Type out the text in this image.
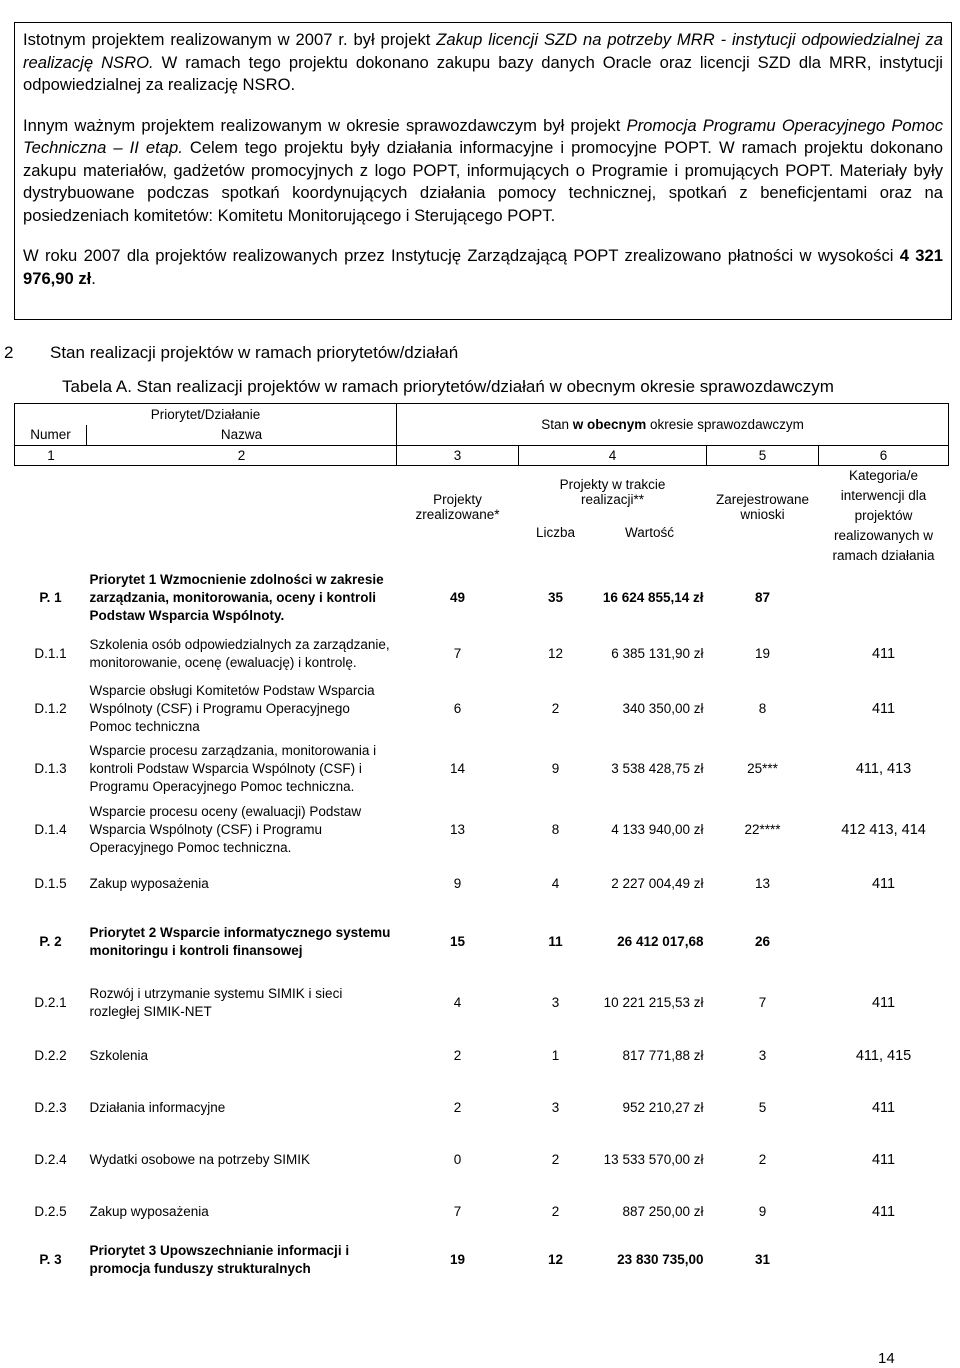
Istotnym projektem realizowanym w 2007 r. był projekt Zakup licencji SZD na potrzeby MRR - instytucji odpowiedzialnej za realizację NSRO. W ramach tego projektu dokonano zakupu bazy danych Oracle oraz licencji SZD dla MRR, instytucji odpowiedzialnej za realizację NSRO.

Innym ważnym projektem realizowanym w okresie sprawozdawczym był projekt Promocja Programu Operacyjnego Pomoc Techniczna – II etap. Celem tego projektu były działania informacyjne i promocyjne POPT. W ramach projektu dokonano zakupu materiałów, gadżetów promocyjnych z logo POPT, informujących o Programie i promujących POPT. Materiały były dystrybuowane podczas spotkań koordynujących działania pomocy technicznej, spotkań z beneficjentami oraz na posiedzeniach komitetów: Komitetu Monitorującego i Sterującego POPT.

W roku 2007 dla projektów realizowanych przez Instytucję Zarządzającą POPT zrealizowano płatności w wysokości 4 321 976,90 zł.

2 Stan realizacji projektów w ramach priorytetów/działań
Tabela A. Stan realizacji projektów w ramach priorytetów/działań w obecnym okresie sprawozdawczym
Priorytet/Działanie		Stan w obecnym okresie sprawozdawczym				
Numer	Nazwa					

1 2		3	4		5	6
		Projekty zrealizowane*	Projekty w trakcie realizacji**		Zarejestrowane wnioski	Kategoria/e interwencji dla projektów realizowanych w ramach działania
			Liczba	Wartość		

P. 1	Priorytet 1 Wzmocnienie zdolności w zakresie zarządzania, monitorowania, oceny i kontroli Podstaw Wsparcia Wspólnoty.	49	35	16 624 855,14 zł	87	
D.1.1	Szkolenia osób odpowiedzialnych za zarządzanie, monitorowanie, ocenę (ewaluację) i kontrolę.	7	12	6 385 131,90 zł	19	411
D.1.2	Wsparcie obsługi Komitetów Podstaw Wsparcia Wspólnoty (CSF) i Programu Operacyjnego Pomoc techniczna	6	2	340 350,00 zł	8	411
D.1.3	Wsparcie procesu zarządzania, monitorowania i kontroli Podstaw Wsparcia Wspólnoty (CSF) i Programu Operacyjnego Pomoc techniczna.	14	9	3 538 428,75 zł	25***	411, 413
D.1.4	Wsparcie procesu oceny (ewaluacji) Podstaw Wsparcia Wspólnoty (CSF) i Programu Operacyjnego Pomoc techniczna.	13	8	4 133 940,00 zł	22****	412 413, 414
D.1.5	Zakup wyposażenia	9	4	2 227 004,49 zł	13	411
P. 2	Priorytet 2 Wsparcie informatycznego systemu monitoringu i kontroli finansowej	15	11	26 412 017,68	26	
D.2.1	Rozwój i utrzymanie systemu SIMIK i sieci rozległej SIMIK-NET	4	3	10 221 215,53 zł	7	411
D.2.2	Szkolenia	2	1	817 771,88 zł	3	411, 415
D.2.3	Działania informacyjne	2	3	952 210,27 zł	5	411
D.2.4	Wydatki osobowe na potrzeby SIMIK	0	2	13 533 570,00 zł	2	411
D.2.5	Zakup wyposażenia	7	2	887 250,00 zł	9	411
P. 3	Priorytet 3 Upowszechnianie informacji i promocja funduszy strukturalnych	19	12	23 830 735,00	31	
14
